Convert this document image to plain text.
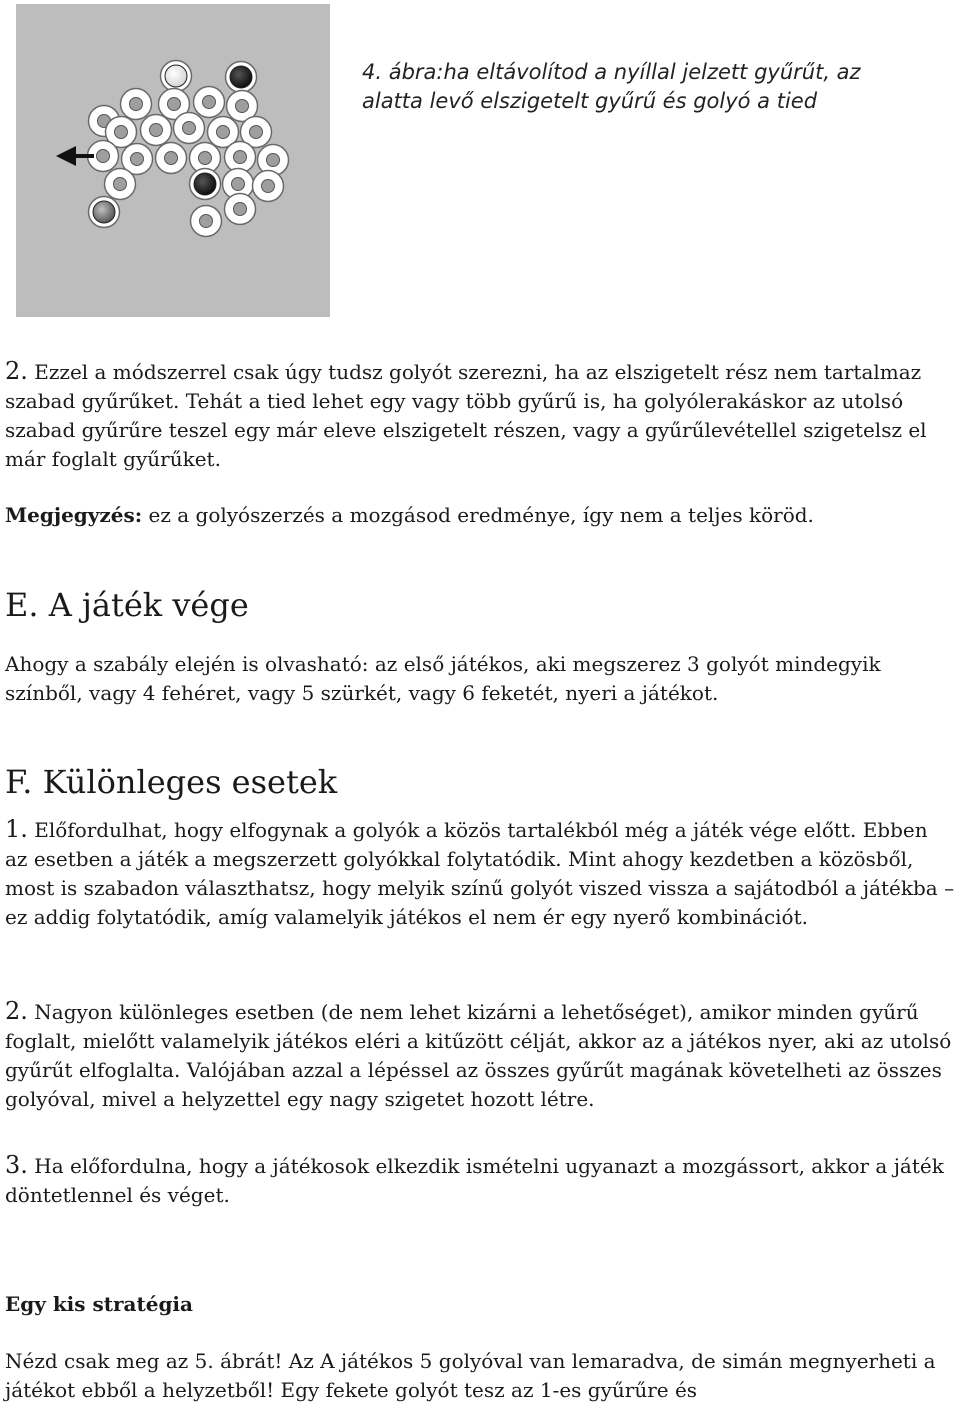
4. ábra:ha eltávolítod a nyíllal jelzett gyűrűt, az
alatta levő elszigetelt gyűrű és golyó a tied

2. Ezzel a módszerrel csak úgy tudsz golyót szerezni, ha az elszigetelt rész nem tartalmaz szabad gyűrűket. Tehát a tied lehet egy vagy több gyűrű is, ha golyólerakáskor az utolsó szabad gyűrűre teszel egy már eleve elszigetelt részen, vagy a gyűrűlevétellel szigetelsz el már foglalt gyűrűket.

Megjegyzés: ez a golyószerzés a mozgásod eredménye, így nem a teljes köröd.

E. A játék vége

Ahogy a szabály elején is olvasható: az első játékos, aki megszerez 3 golyót mindegyik színből, vagy 4 fehéret, vagy 5 szürkét, vagy 6 feketét, nyeri a játékot.

F. Különleges esetek

1. Előfordulhat, hogy elfogynak a golyók a közös tartalékból még a játék vége előtt. Ebben az esetben a játék a megszerzett golyókkal folytatódik. Mint ahogy kezdetben a közösből, most is szabadon választhatsz, hogy melyik színű golyót viszed vissza a sajátodból a játékba – ez addig folytatódik, amíg valamelyik játékos el nem ér egy nyerő kombinációt.

2. Nagyon különleges esetben (de nem lehet kizárni a lehetőséget), amikor minden gyűrű foglalt, mielőtt valamelyik játékos eléri a kitűzött célját, akkor az a játékos nyer, aki az utolsó gyűrűt elfoglalta. Valójában azzal a lépéssel az összes gyűrűt magának követelheti az összes golyóval, mivel a helyzettel egy nagy szigetet hozott létre.

3. Ha előfordulna, hogy a játékosok elkezdik ismételni ugyanazt a mozgássort, akkor a játék döntetlennel és véget.

Egy kis stratégia

Nézd csak meg az 5. ábrát! Az A játékos 5 golyóval van lemaradva, de simán megnyerheti a játékot ebből a helyzetből! Egy fekete golyót tesz az 1-es gyűrűre és
